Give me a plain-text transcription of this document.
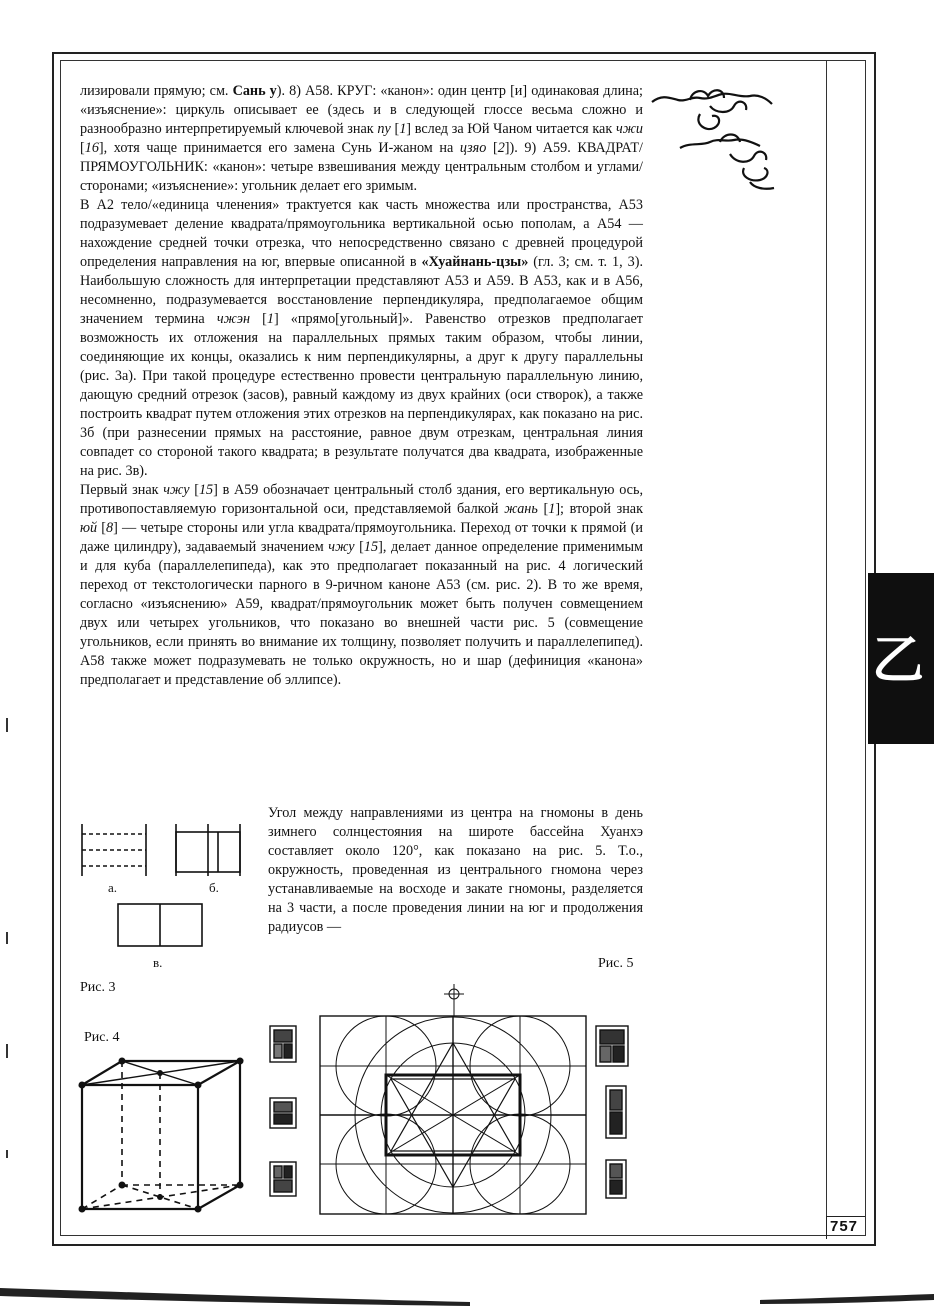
лизировали прямую; см. Сань у). 8) А58. КРУГ: «канон»: один центр [и] одинаковая длина; «изъяснение»: циркуль описывает ее (здесь и в следующей глоссе весьма сложно и разнообразно интерпретируемый ключевой знак пу [1] вслед за Юй Чаном читается как чжи [16], хотя чаще принимается его замена Сунь И-жаном на цзяо [2]). 9) А59. КВАДРАТ/ПРЯМОУГОЛЬНИК: «канон»: четыре взвешивания между центральным столбом и углами/сторонами; «изъяснение»: угольник делает его зримым.

В А2 тело/«единица членения» трактуется как часть множества или пространства, А53 подразумевает деление квадрата/прямоугольника вертикальной осью пополам, а А54 — нахождение средней точки отрезка, что непосредственно связано с древней процедурой определения направления на юг, впервые описанной в «Хуайнань-цзы» (гл. 3; см. т. 1, 3). Наибольшую сложность для интерпретации представляют А53 и А59. В А53, как и в А56, несомненно, подразумевается восстановление перпендикуляра, предполагаемое общим значением термина чжэн [1] «прямо[угольный]». Равенство отрезков предполагает возможность их отложения на параллельных прямых таким образом, чтобы линии, соединяющие их концы, оказались к ним перпендикулярны, а друг к другу параллельны (рис. 3а). При такой процедуре естественно провести центральную параллельную линию, дающую средний отрезок (засов), равный каждому из двух крайних (оси створок), а также построить квадрат путем отложения этих отрезков на перпендикулярах, как показано на рис. 3б (при разнесении прямых на расстояние, равное двум отрезкам, центральная линия совпадет со стороной такого квадрата; в результате получатся два квадрата, изображенные на рис. 3в).

Первый знак чжу [15] в А59 обозначает центральный столб здания, его вертикальную ось, противопоставляемую горизонтальной оси, представляемой балкой жань [1]; второй знак юй [8] — четыре стороны или угла квадрата/прямоугольника. Переход от точки к прямой (и даже цилиндру), задаваемый значением чжу [15], делает данное определение применимым и для куба (параллелепипеда), как это предполагает показанный на рис. 4 логический переход от текстологически парного в 9-ричном каноне А53 (см. рис. 2). В то же время, согласно «изъяснению» А59, квадрат/прямоугольник может быть получен совмещением двух или четырех угольников, что показано во внешней части рис. 5 (совмещение угольников, если принять во внимание их толщину, позволяет получить и параллелепипед). А58 также может подразумевать не только окружность, но и шар (дефиниция «канона» предполагает и представление об эллипсе).

Угол между направлениями из центра на гномоны в день зимнего солнцестояния на широте бассейна Хуанхэ составляет около 120°, как показано на рис. 5. Т.о., окружность, проведенная из центрального гномона через устанавливаемые на восходе и закате гномоны, разделяется на 3 части, а после проведения линии на юг и продолжения радиусов —

а.	б.
в.
Рис. 3
Рис. 4
Рис. 5
乙
757
